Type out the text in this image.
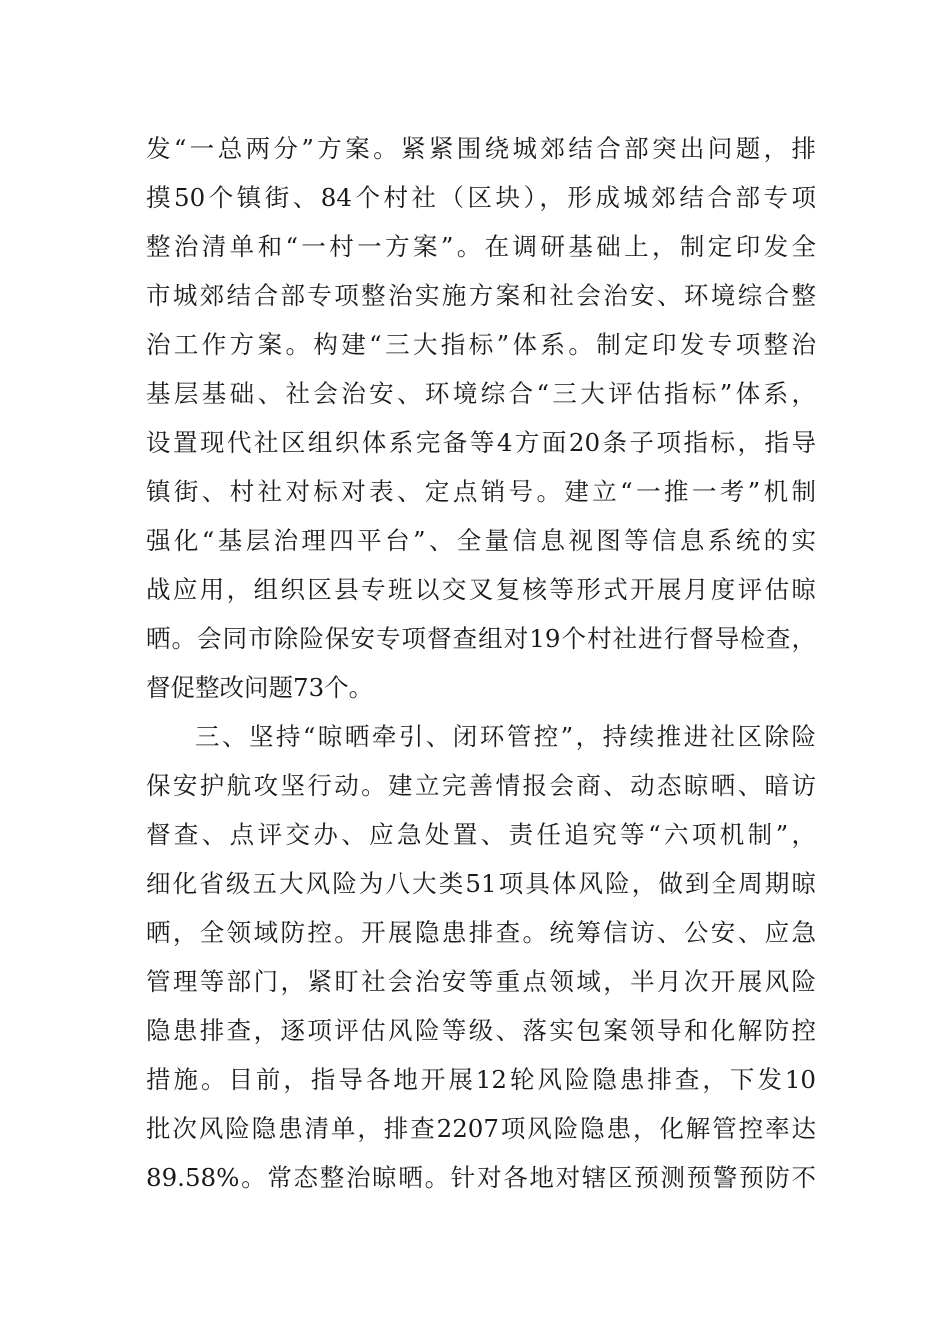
发“一总两分”方案。紧紧围绕城郊结合部突出问题，排
摸50个镇街、84个村社（区块），形成城郊结合部专项
整治清单和“一村一方案”。在调研基础上，制定印发全
市城郊结合部专项整治实施方案和社会治安、环境综合整
治工作方案。构建“三大指标”体系。制定印发专项整治
基层基础、社会治安、环境综合“三大评估指标”体系，
设置现代社区组织体系完备等4方面20条子项指标，指导
镇街、村社对标对表、定点销号。建立“一推一考”机制
强化“基层治理四平台”、全量信息视图等信息系统的实
战应用，组织区县专班以交叉复核等形式开展月度评估晾
晒。会同市除险保安专项督查组对19个村社进行督导检查，
督促整改问题73个。
三、坚持“晾晒牵引、闭环管控”，持续推进社区除险
保安护航攻坚行动。建立完善情报会商、动态晾晒、暗访
督查、点评交办、应急处置、责任追究等“六项机制”，
细化省级五大风险为八大类51项具体风险，做到全周期晾
晒，全领域防控。开展隐患排查。统筹信访、公安、应急
管理等部门，紧盯社会治安等重点领域，半月次开展风险
隐患排查，逐项评估风险等级、落实包案领导和化解防控
措施。目前，指导各地开展12轮风险隐患排查，下发10
批次风险隐患清单，排查2207项风险隐患，化解管控率达
89.58%。常态整治晾晒。针对各地对辖区预测预警预防不
